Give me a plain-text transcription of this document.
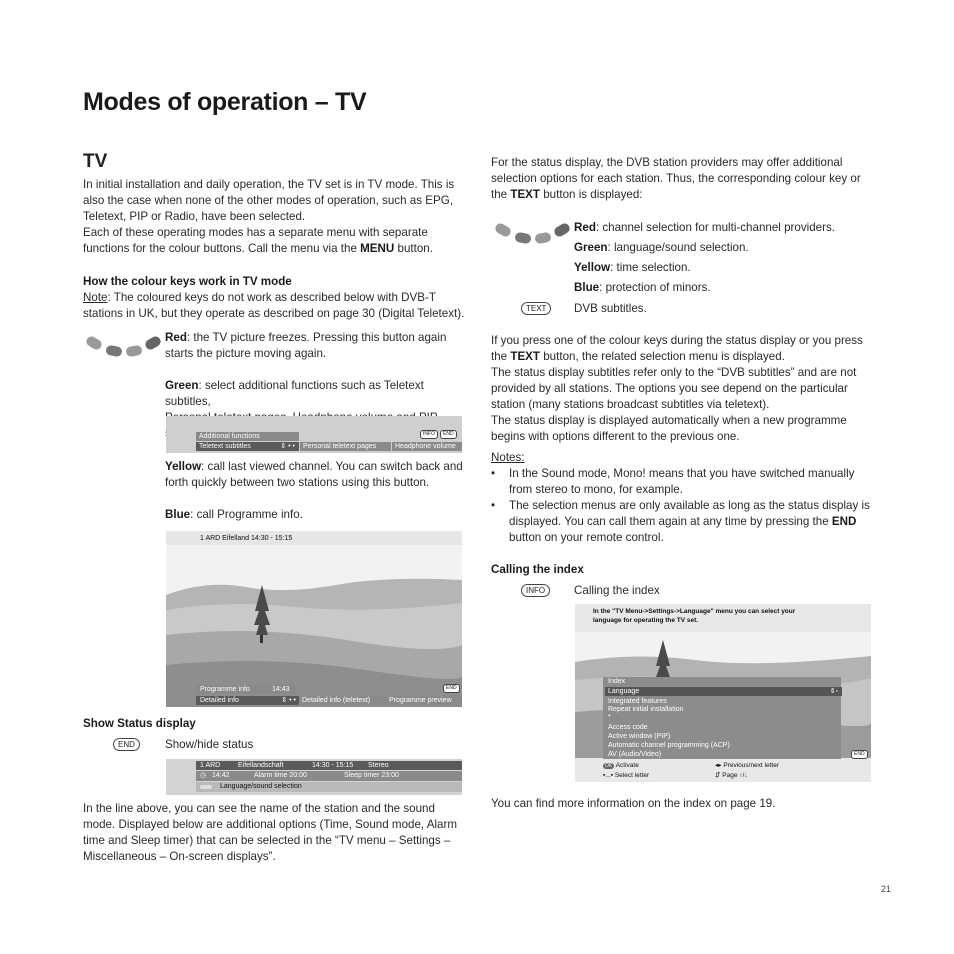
Modes of operation – TV
TV
In initial installation and daily operation, the TV set is in TV mode. This is
also the case when none of the other modes of operation, such as EPG,
Teletext, PIP or Radio, have been selected.
Each of these operating modes has a separate menu with separate
functions for the colour buttons. Call the menu via the MENU button.
How the colour keys work in TV mode
Note: The coloured keys do not work as described below with DVB-T
stations in UK, but they operate as described on page 30 (Digital Teletext).
Red: the TV picture freezes. Pressing this button again
starts the picture moving again.
Green: select additional functions such as Teletext subtitles,
Additional functions	INFO	END
Teletext subtitles	⇕ • •	Personal teletext pages	Headphone volume
Yellow: call last viewed channel. You can switch back and
forth quickly between two stations using this button.
Blue: call Programme info.
1 ARD Eifelland 14:30 - 15:15
Programme info	14:43	END
Detailed info	⇕ • • Detailed info (teletext)	Programme preview
Show Status display
END	Show/hide status
1 ARD	Eifellandschaft	14:30 - 15:15 Stereo
◷ 14:42	Alarm time 20:00	Sleep timer 23:00
Language/sound selection
In the line above, you can see the name of the station and the sound
mode. Displayed below are additional options (Time, Sound mode, Alarm
time and Sleep timer) that can be selected in the “TV menu – Settings –
Miscellaneous – On-screen displays”.
For the status display, the DVB station providers may offer additional
selection options for each station. Thus, the corresponding colour key or
the TEXT button is displayed:
Red: channel selection for multi-channel providers.
Green: language/sound selection.
Yellow: time selection.
Blue: protection of minors.
TEXT	DVB subtitles.
If you press one of the colour keys during the status display or you press
the TEXT button, the related selection menu is displayed.
The status display subtitles refer only to the “DVB subtitles” and are not
provided by all stations. The options you see depend on the particular
station (many stations broadcast subtitles via teletext).
The status display is displayed automatically when a new programme
begins with options different to the previous one.
Notes:
• In the Sound mode, Mono! means that you have switched manually
from stereo to mono, for example.
• The selection menus are only available as long as the status display is
displayed. You can call them again at any time by pressing the END
button on your remote control.
Calling the index
INFO	Calling the index
In the "TV Menu->Settings->Language" menu you can select your
language for operating the TV set.
Index
Language	⇕◦
Integrated features
Repeat initial installation
*
Access code
Active window (PIP)
Automatic channel programming (ACP)
AV (Audio/Video)	END
OK Activate	◂▸ Previous/next letter
▪...▪ Select letter	⇵ Page ↑/↓
You can find more information on the index on page 19.
21
